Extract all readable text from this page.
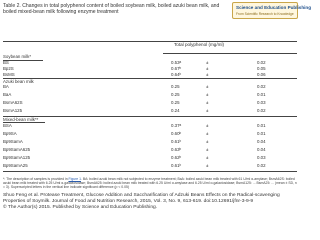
Table 2. Changes in total polyphenol content of boiled soybean milk, boiled azuki bean milk, and boiled mixed-bean milk following enzyme treatment
Science and Education Publishing
From Scientific Research to Knowledge
Total polyphenol (mg/ml)
Soybean milk*
BS	0.53ᵃ	±	0.02
Bp2S	0.67ᵇ	±	0.05
BsMS	0.64ᵇ	±	0.06
Azuki bean milk
BA	0.25	±	0.02
BaA	0.25	±	0.01
BsmA62S	0.25	±	0.03
BsmA125	0.24	±	0.02
Mixed-bean milk**
BSA	0.37ᵃ	±	0.01
Bp9SA	0.60ᵇ	±	0.01
Bp9SamA	0.61ᵇ	±	0.04
Bp9SamA625	0.63ᵇ	±	0.04
Bp9SamA125	0.62ᵇ	±	0.03
Bp9SamA25	0.61ᵇ	±	0.02
*: The description of samples is provided in Figure 1. BA: boiled azuki bean milk not subjected to enzyme treatment; BaA: boiled azuki bean milk treated with 61 U/ml α-amylase; BsmA62S: boiled azuki bean milk treated with 6.25 U/ml α-galactosidase; BsmA625: boiled azuki bean milk treated with 6.25 U/ml α-amylase and 6.25 U/ml α-galactosidase; BsmA125: ... BsmA25: ... (mean ± SD, n = 3). Superscripted letters in the vertical line indicate significant difference (p < 0.05)
Shuo Feng et al. Protease Treatment, Glucose Addition and Saccharification of Adzuki Beans Effects on the Radical-scavenging Properties of Soymilk. Journal of Food and Nutrition Research, 2015, Vol. 3, No. 9, 613-619. doi:10.12691/jfnr-3-9-9
© The Author(s) 2015. Published by Science and Education Publishing.
